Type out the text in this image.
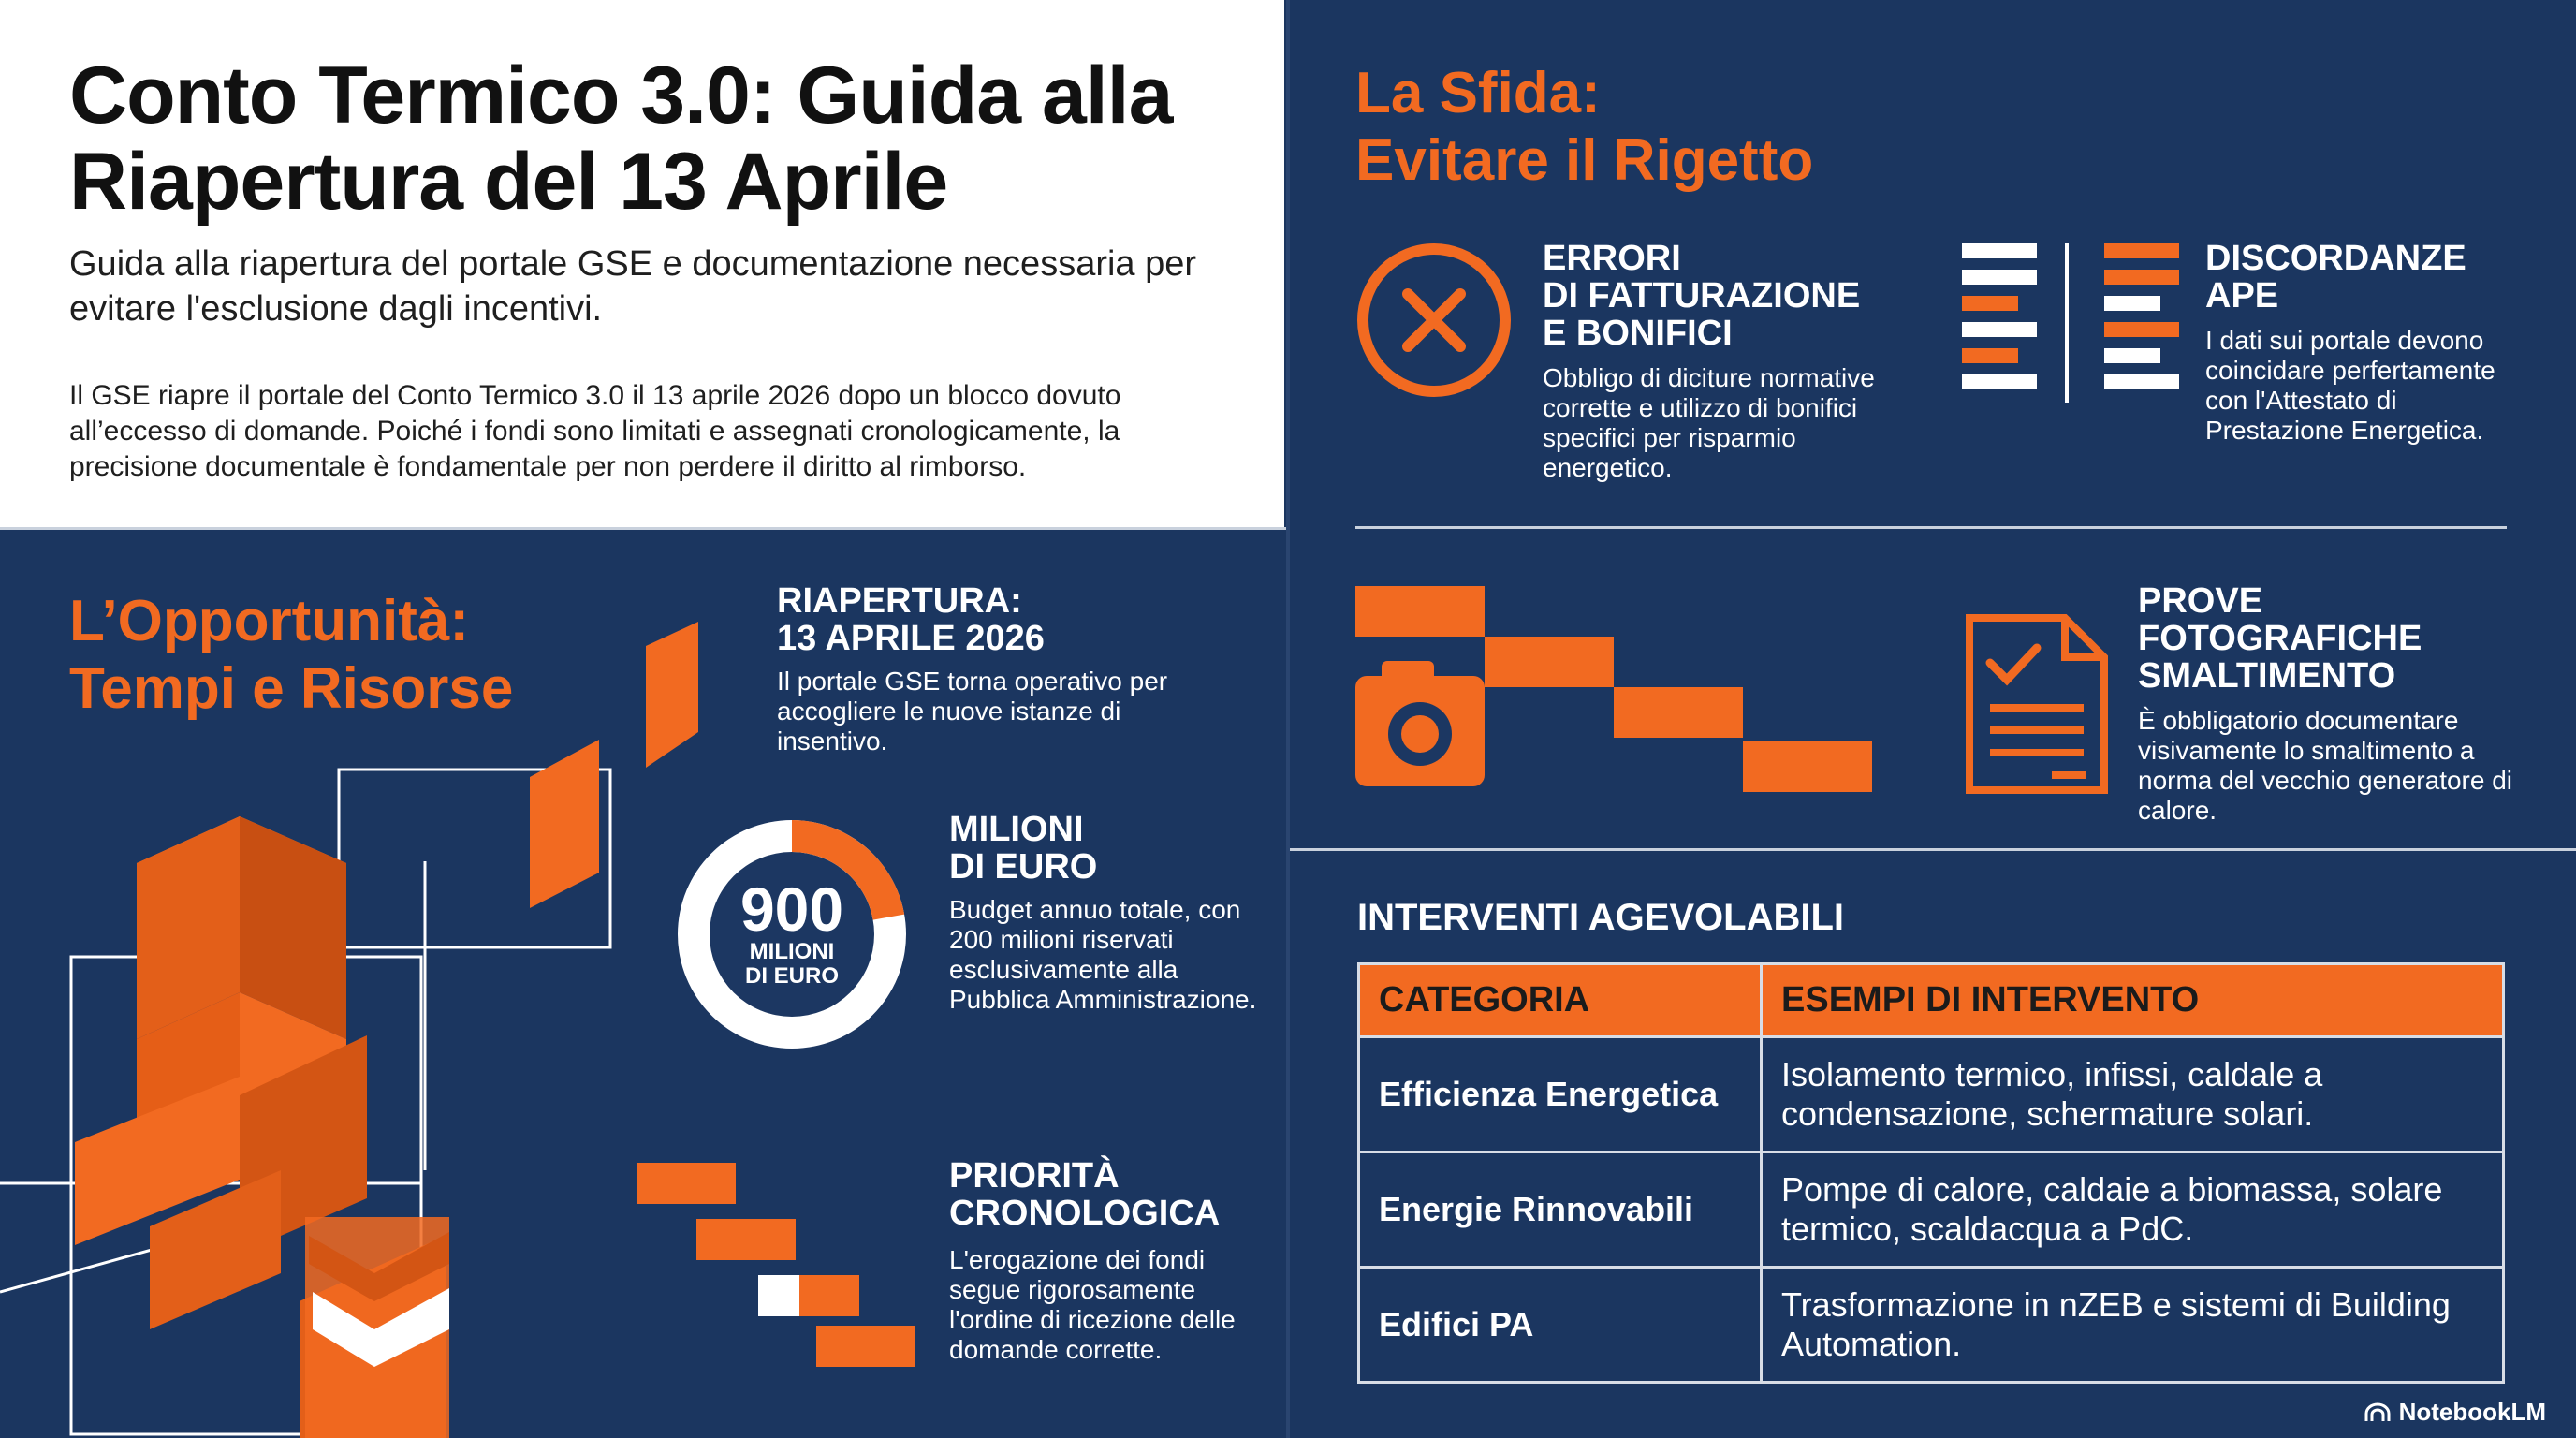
Conto Termico 3.0: Guida alla Riapertura del 13 Aprile
Guida alla riapertura del portale GSE e documentazione necessaria per evitare l'esclusione dagli incentivi.
Il GSE riapre il portale del Conto Termico 3.0 il 13 aprile 2026 dopo un blocco dovuto all’eccesso di domande. Poiché i fondi sono limitati e assegnati cronologicamente, la precisione documentale è fondamentale per non perdere il diritto al rimborso.
L’Opportunità:
Tempi e Risorse
RIAPERTURA:
13 APRILE 2026
Il portale GSE torna operativo per accogliere le nuove istanze di insentivo.
900
MILIONI
DI EURO
MILIONI
DI EURO
Budget annuo totale, con 200 milioni riservati esclusivamente alla Pubblica Amministrazione.
PRIORITÀ
CRONOLOGICA
L'erogazione dei fondi segue rigorosamente l'ordine di ricezione delle domande corrette.
La Sfida:
Evitare il Rigetto
ERRORI
DI FATTURAZIONE
E BONIFICI
Obbligo di diciture normative corrette e utilizzo di bonifici specifici per risparmio energetico.
DISCORDANZE
APE
I dati sui portale devono coincidare perfertamente con l'Attestato di Prestazione Energetica.
PROVE FOTOGRAFICHE
SMALTIMENTO
È obbligatorio documentare visivamente lo smaltimento a norma del vecchio generatore di calore.
INTERVENTI AGEVOLABILI
CATEGORIA	ESEMPI DI INTERVENTO
Efficienza Energetica	Isolamento termico, infissi, caldale a condensazione, schermature solari.
Energie Rinnovabili	Pompe di calore, caldaie a biomassa, solare termico, scaldacqua a PdC.
Edifici PA	Trasformazione in nZEB e sistemi di Building Automation.
NotebookLM
